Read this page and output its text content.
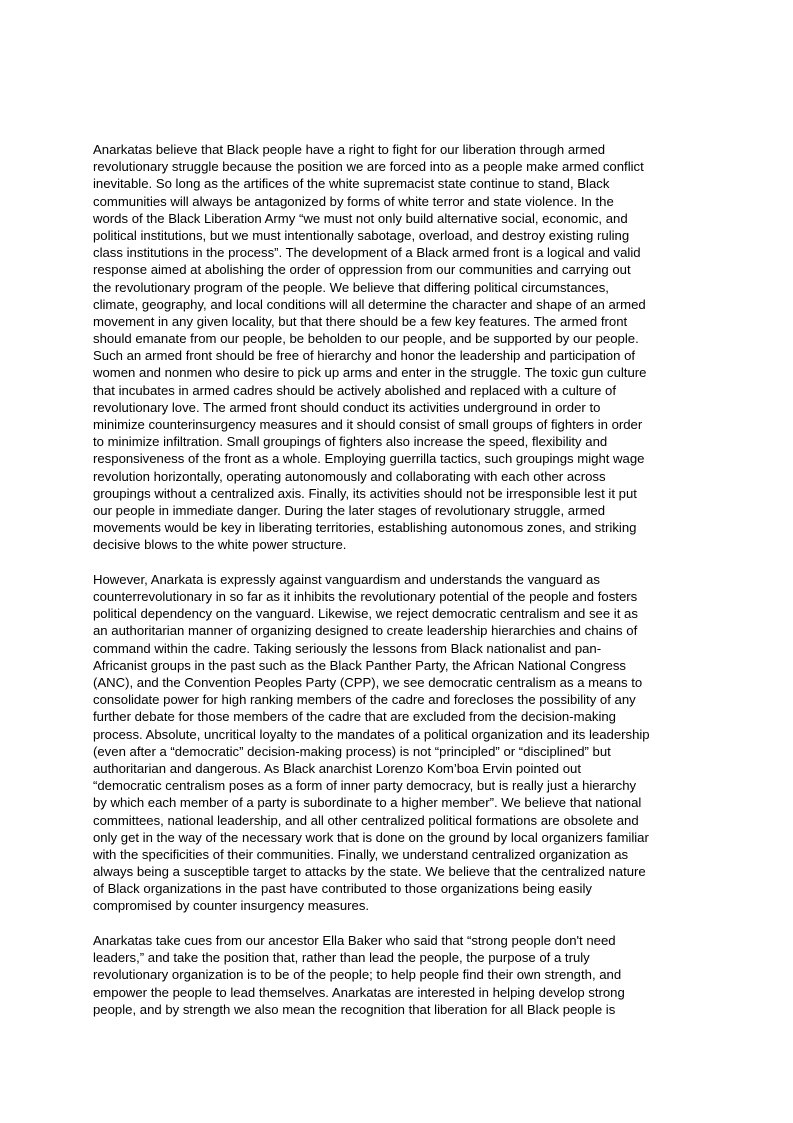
Anarkatas believe that Black people have a right to fight for our liberation through armed
revolutionary struggle because the position we are forced into as a people make armed conflict
inevitable. So long as the artifices of the white supremacist state continue to stand, Black
communities will always be antagonized by forms of white terror and state violence. In the
words of the Black Liberation Army “we must not only build alternative social, economic, and
political institutions, but we must intentionally sabotage, overload, and destroy existing ruling
class institutions in the process”. The development of a Black armed front is a logical and valid
response aimed at abolishing the order of oppression from our communities and carrying out
the revolutionary program of the people. We believe that differing political circumstances,
climate, geography, and local conditions will all determine the character and shape of an armed
movement in any given locality, but that there should be a few key features. The armed front
should emanate from our people, be beholden to our people, and be supported by our people.
Such an armed front should be free of hierarchy and honor the leadership and participation of
women and nonmen who desire to pick up arms and enter in the struggle. The toxic gun culture
that incubates in armed cadres should be actively abolished and replaced with a culture of
revolutionary love. The armed front should conduct its activities underground in order to
minimize counterinsurgency measures and it should consist of small groups of fighters in order
to minimize infiltration. Small groupings of fighters also increase the speed, flexibility and
responsiveness of the front as a whole. Employing guerrilla tactics, such groupings might wage
revolution horizontally, operating autonomously and collaborating with each other across
groupings without a centralized axis. Finally, its activities should not be irresponsible lest it put
our people in immediate danger. During the later stages of revolutionary struggle, armed
movements would be key in liberating territories, establishing autonomous zones, and striking
decisive blows to the white power structure.
However, Anarkata is expressly against vanguardism and understands the vanguard as
counterrevolutionary in so far as it inhibits the revolutionary potential of the people and fosters
political dependency on the vanguard. Likewise, we reject democratic centralism and see it as
an authoritarian manner of organizing designed to create leadership hierarchies and chains of
command within the cadre. Taking seriously the lessons from Black nationalist and pan-
Africanist groups in the past such as the Black Panther Party, the African National Congress
(ANC), and the Convention Peoples Party (CPP), we see democratic centralism as a means to
consolidate power for high ranking members of the cadre and forecloses the possibility of any
further debate for those members of the cadre that are excluded from the decision-making
process. Absolute, uncritical loyalty to the mandates of a political organization and its leadership
(even after a “democratic” decision-making process) is not “principled” or “disciplined” but
authoritarian and dangerous. As Black anarchist Lorenzo Kom’boa Ervin pointed out
“democratic centralism poses as a form of inner party democracy, but is really just a hierarchy
by which each member of a party is subordinate to a higher member”. We believe that national
committees, national leadership, and all other centralized political formations are obsolete and
only get in the way of the necessary work that is done on the ground by local organizers familiar
with the specificities of their communities. Finally, we understand centralized organization as
always being a susceptible target to attacks by the state. We believe that the centralized nature
of Black organizations in the past have contributed to those organizations being easily
compromised by counter insurgency measures.
Anarkatas take cues from our ancestor Ella Baker who said that “strong people don't need
leaders,” and take the position that, rather than lead the people, the purpose of a truly
revolutionary organization is to be of the people; to help people find their own strength, and
empower the people to lead themselves. Anarkatas are interested in helping develop strong
people, and by strength we also mean the recognition that liberation for all Black people is
